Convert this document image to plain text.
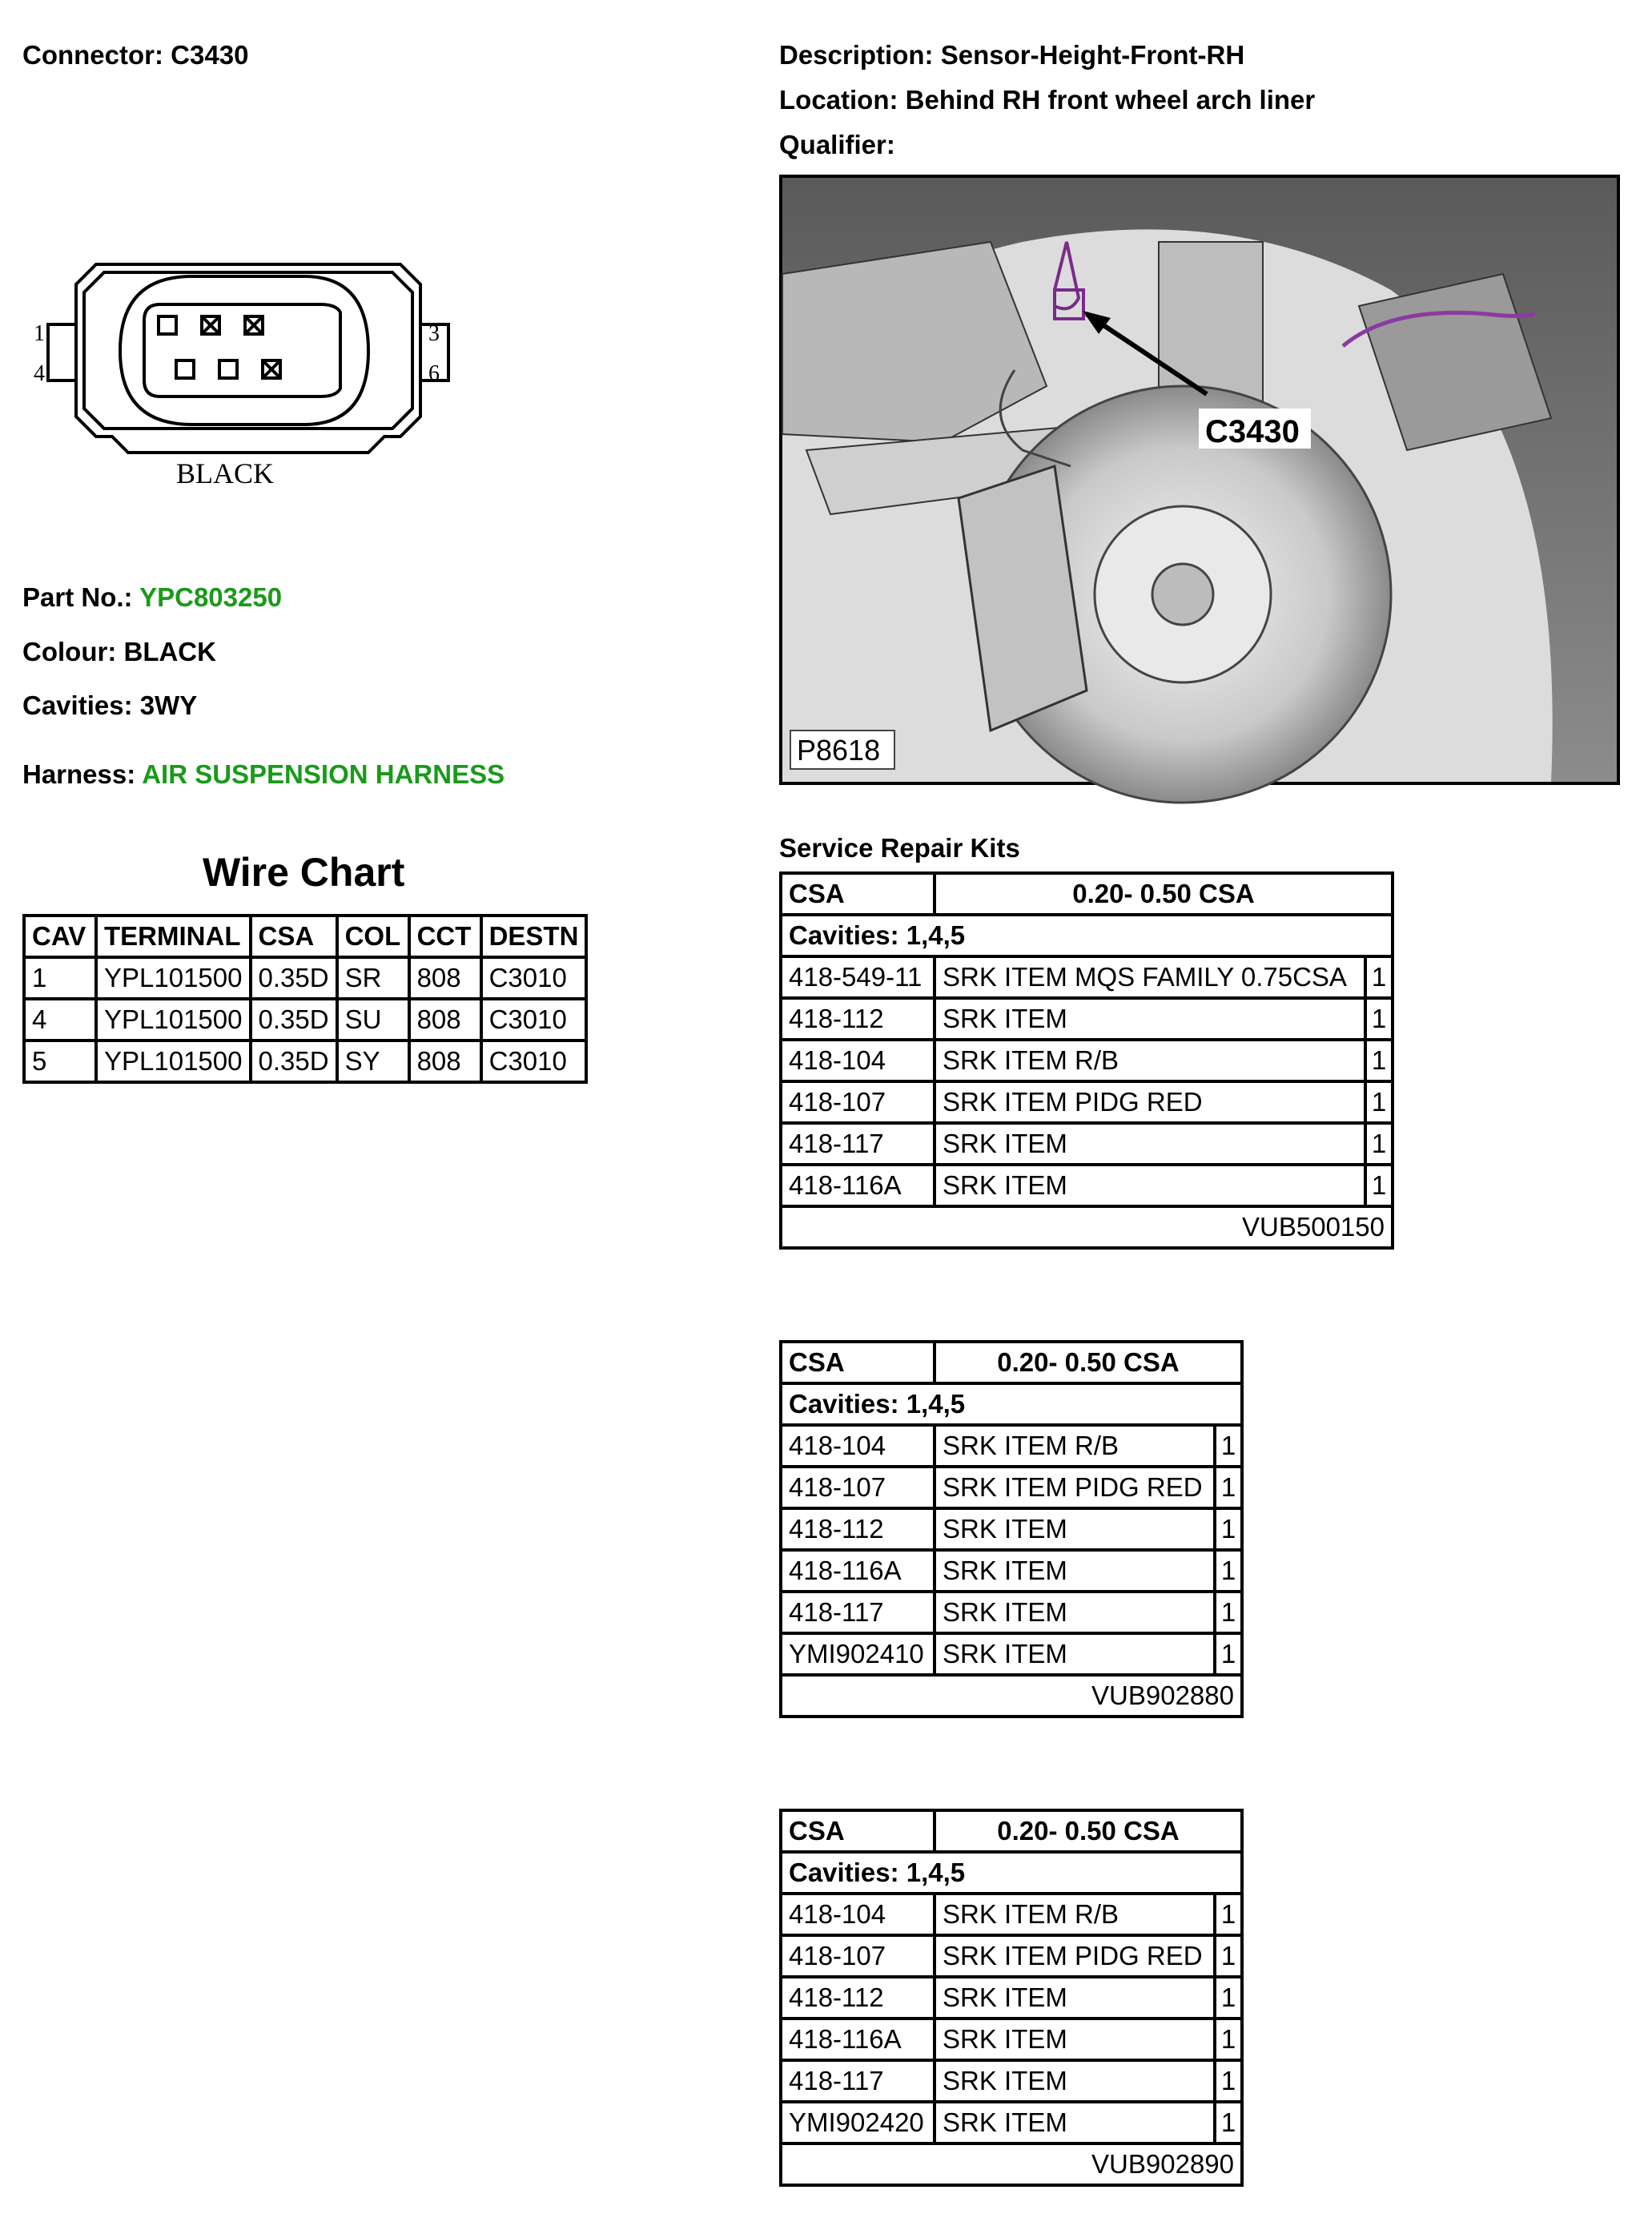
Connector: C3430	Description: Sensor-Height-Front-RH
Location: Behind RH front wheel arch liner
Qualifier:
1
4
3
6
BLACK
C3430
P8618
Part No.: YPC803250
Colour: BLACK
Cavities: 3WY
Harness: AIR SUSPENSION HARNESS
Wire Chart
CAV	TERMINAL	CSA	COL	CCT	DESTN
1	YPL101500	0.35D	SR	808	C3010
4	YPL101500	0.35D	SU	808	C3010
5	YPL101500	0.35D	SY	808	C3010
Service Repair Kits
CSA	0.20- 0.50 CSA	
Cavities: 1,4,5		
418-549-11	SRK ITEM MQS FAMILY 0.75CSA	1
418-112	SRK ITEM	1
418-104	SRK ITEM R/B	1
418-107	SRK ITEM PIDG RED	1
418-117	SRK ITEM	1
418-116A	SRK ITEM	1
VUB500150		
CSA	0.20- 0.50 CSA	
Cavities: 1,4,5		
418-104	SRK ITEM R/B	1
418-107	SRK ITEM PIDG RED	1
418-112	SRK ITEM	1
418-116A	SRK ITEM	1
418-117	SRK ITEM	1
YMI902410	SRK ITEM	1
VUB902880		
CSA	0.20- 0.50 CSA	
Cavities: 1,4,5		
418-104	SRK ITEM R/B	1
418-107	SRK ITEM PIDG RED	1
418-112	SRK ITEM	1
418-116A	SRK ITEM	1
418-117	SRK ITEM	1
YMI902420	SRK ITEM	1
VUB902890		
